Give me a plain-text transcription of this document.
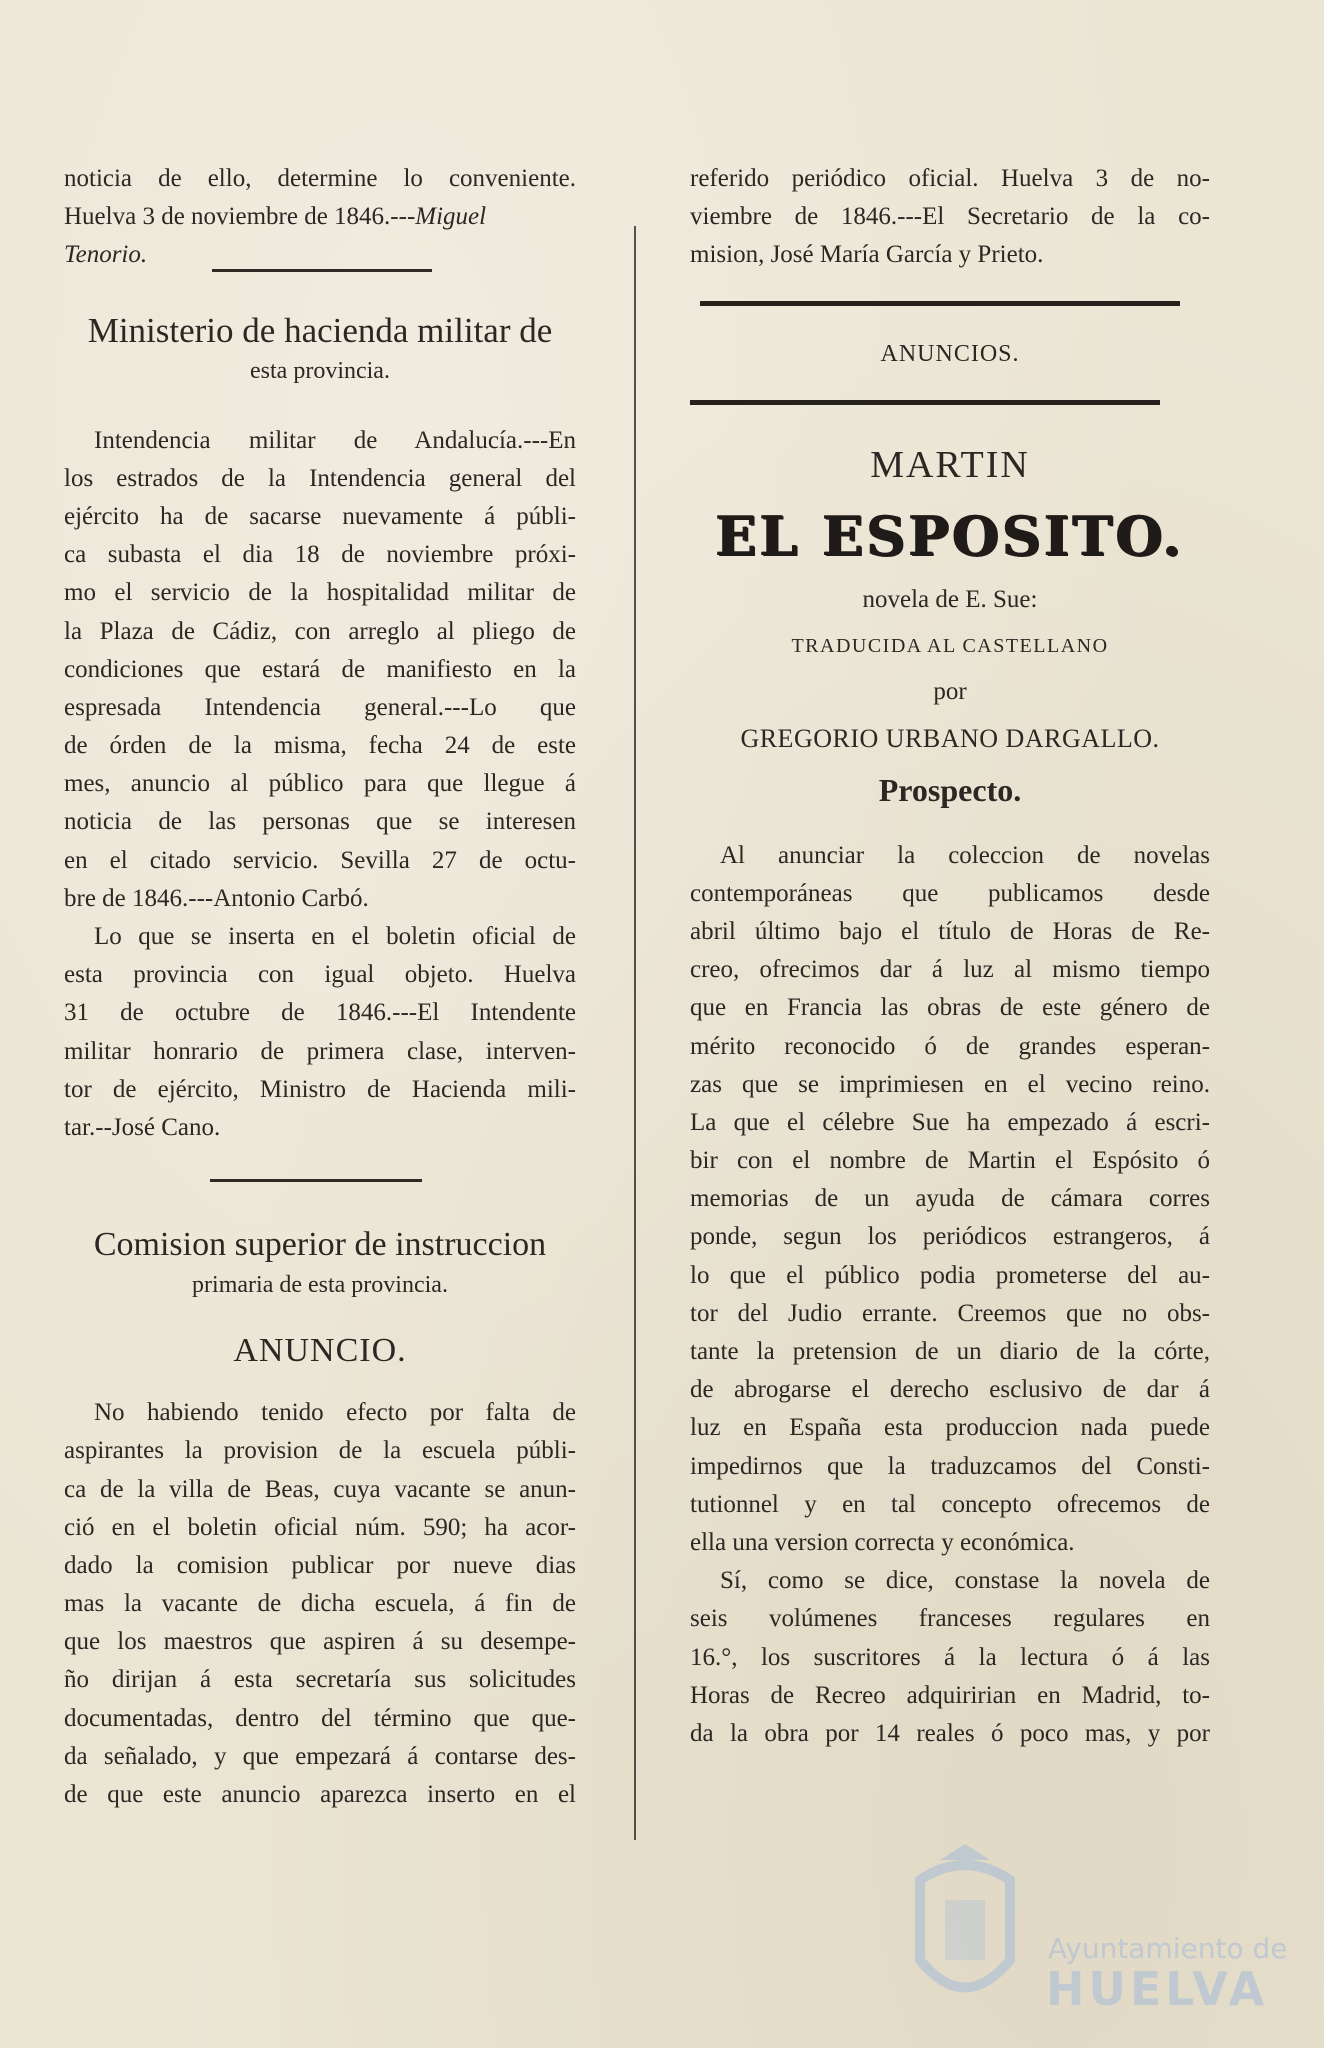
noticia de ello, determine lo conveniente.
Huelva 3 de noviembre de 1846.---Miguel
Tenorio.
Ministerio de hacienda militar de
esta provincia.
Intendencia militar de Andalucía.---En
los estrados de la Intendencia general del
ejército ha de sacarse nuevamente á públi-
ca subasta el dia 18 de noviembre próxi-
mo el servicio de la hospitalidad militar de
la Plaza de Cádiz, con arreglo al pliego de
condiciones que estará de manifiesto en la
espresada Intendencia general.---Lo que
de órden de la misma, fecha 24 de este
mes, anuncio al público para que llegue á
noticia de las personas que se interesen
en el citado servicio. Sevilla 27 de octu-
bre de 1846.---Antonio Carbó.
Lo que se inserta en el boletin oficial de
esta provincia con igual objeto. Huelva
31 de octubre de 1846.---El Intendente
militar honrario de primera clase, interven-
tor de ejército, Ministro de Hacienda mili-
tar.--José Cano.
Comision superior de instruccion
primaria de esta provincia.
ANUNCIO.
No habiendo tenido efecto por falta de
aspirantes la provision de la escuela públi-
ca de la villa de Beas, cuya vacante se anun-
ció en el boletin oficial núm. 590; ha acor-
dado la comision publicar por nueve dias
mas la vacante de dicha escuela, á fin de
que los maestros que aspiren á su desempe-
ño dirijan á esta secretaría sus solicitudes
documentadas, dentro del término que que-
da señalado, y que empezará á contarse des-
de que este anuncio aparezca inserto en el
referido periódico oficial. Huelva 3 de no-
viembre de 1846.---El Secretario de la co-
mision, José María García y Prieto.
ANUNCIOS.
MARTIN
EL ESPOSITO.
novela de E. Sue:
TRADUCIDA AL CASTELLANO
por
GREGORIO URBANO DARGALLO.
Prospecto.
Al anunciar la coleccion de novelas
contemporáneas que publicamos desde
abril último bajo el título de Horas de Re-
creo, ofrecimos dar á luz al mismo tiempo
que en Francia las obras de este género de
mérito reconocido ó de grandes esperan-
zas que se imprimiesen en el vecino reino.
La que el célebre Sue ha empezado á escri-
bir con el nombre de Martin el Espósito ó
memorias de un ayuda de cámara corres
ponde, segun los periódicos estrangeros, á
lo que el público podia prometerse del au-
tor del Judio errante. Creemos que no obs-
tante la pretension de un diario de la córte,
de abrogarse el derecho esclusivo de dar á
luz en España esta produccion nada puede
impedirnos que la traduzcamos del Consti-
tutionnel y en tal concepto ofrecemos de
ella una version correcta y económica.
Sí, como se dice, constase la novela de
seis volúmenes franceses regulares en
16.°, los suscritores á la lectura ó á las
Horas de Recreo adquiririan en Madrid, to-
da la obra por 14 reales ó poco mas, y por
Ayuntamiento de
HUELVA
